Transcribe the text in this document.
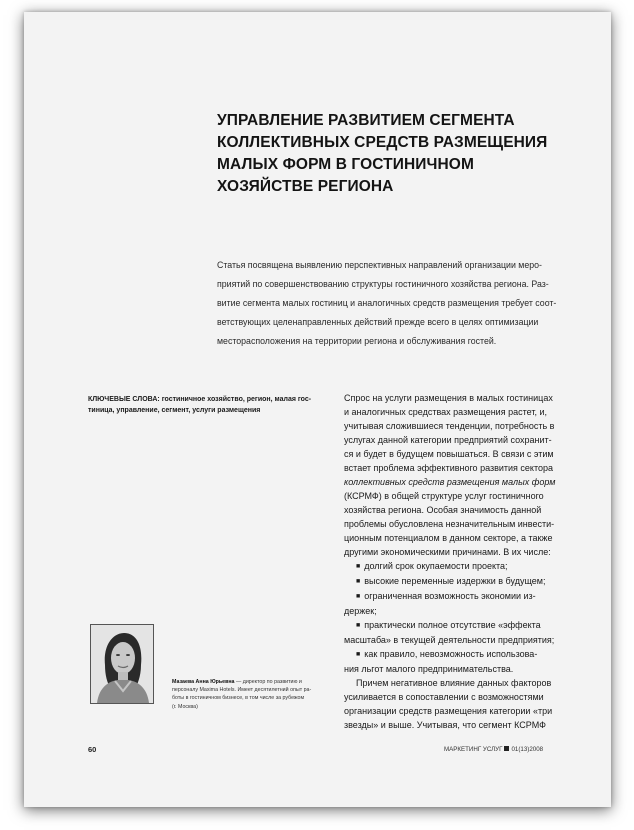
УПРАВЛЕНИЕ РАЗВИТИЕМ СЕГМЕНТА
КОЛЛЕКТИВНЫХ СРЕДСТВ РАЗМЕЩЕНИЯ
МАЛЫХ ФОРМ В ГОСТИНИЧНОМ
ХОЗЯЙСТВЕ РЕГИОНА

Статья посвящена выявлению перспективных направлений организации меро-
приятий по совершенствованию структуры гостиничного хозяйства региона. Раз-
витие сегмента малых гостиниц и аналогичных средств размещения требует соот-
ветствующих целенаправленных действий прежде всего в целях оптимизации
месторасположения на территории региона и обслуживания гостей.

КЛЮЧЕВЫЕ СЛОВА: гостиничное хозяйство, регион, малая гос-
тиница, управление, сегмент, услуги размещения
Спрос на услуги размещения в малых гостиницах
и аналогичных средствах размещения растет, и,
учитывая сложившиеся тенденции, потребность в
услугах данной категории предприятий сохранит-
ся и будет в будущем повышаться. В связи с этим
встает проблема эффективного развития сектора
коллективных средств размещения малых форм
(КСРМФ) в общей структуре услуг гостиничного
хозяйства региона. Особая значимость данной
проблемы обусловлена незначительным инвести-
ционным потенциалом в данном секторе, а также
другими экономическими причинами. В их числе:
■ долгий срок окупаемости проекта;
■ высокие переменные издержки в будущем;
■ ограниченная возможность экономии из-
держек;
■ практически полное отсутствие «эффекта
масштаба» в текущей деятельности предприятия;
■ как правило, невозможность использова-
ния льгот малого предпринимательства.
Причем негативное влияние данных факторов
усиливается в сопоставлении с возможностями
организации средств размещения категории «три
звезды» и выше. Учитывая, что сегмент КСРМФ
Мазаева Анна Юрьевна — директор по развитию и
персоналу Maxima Hotels. Имеет десятилетний опыт ра-
боты в гостиничном бизнесе, в том числе за рубежом
(г. Москва)
60	МАРКЕТИНГ УСЛУГ 01(13)2008
